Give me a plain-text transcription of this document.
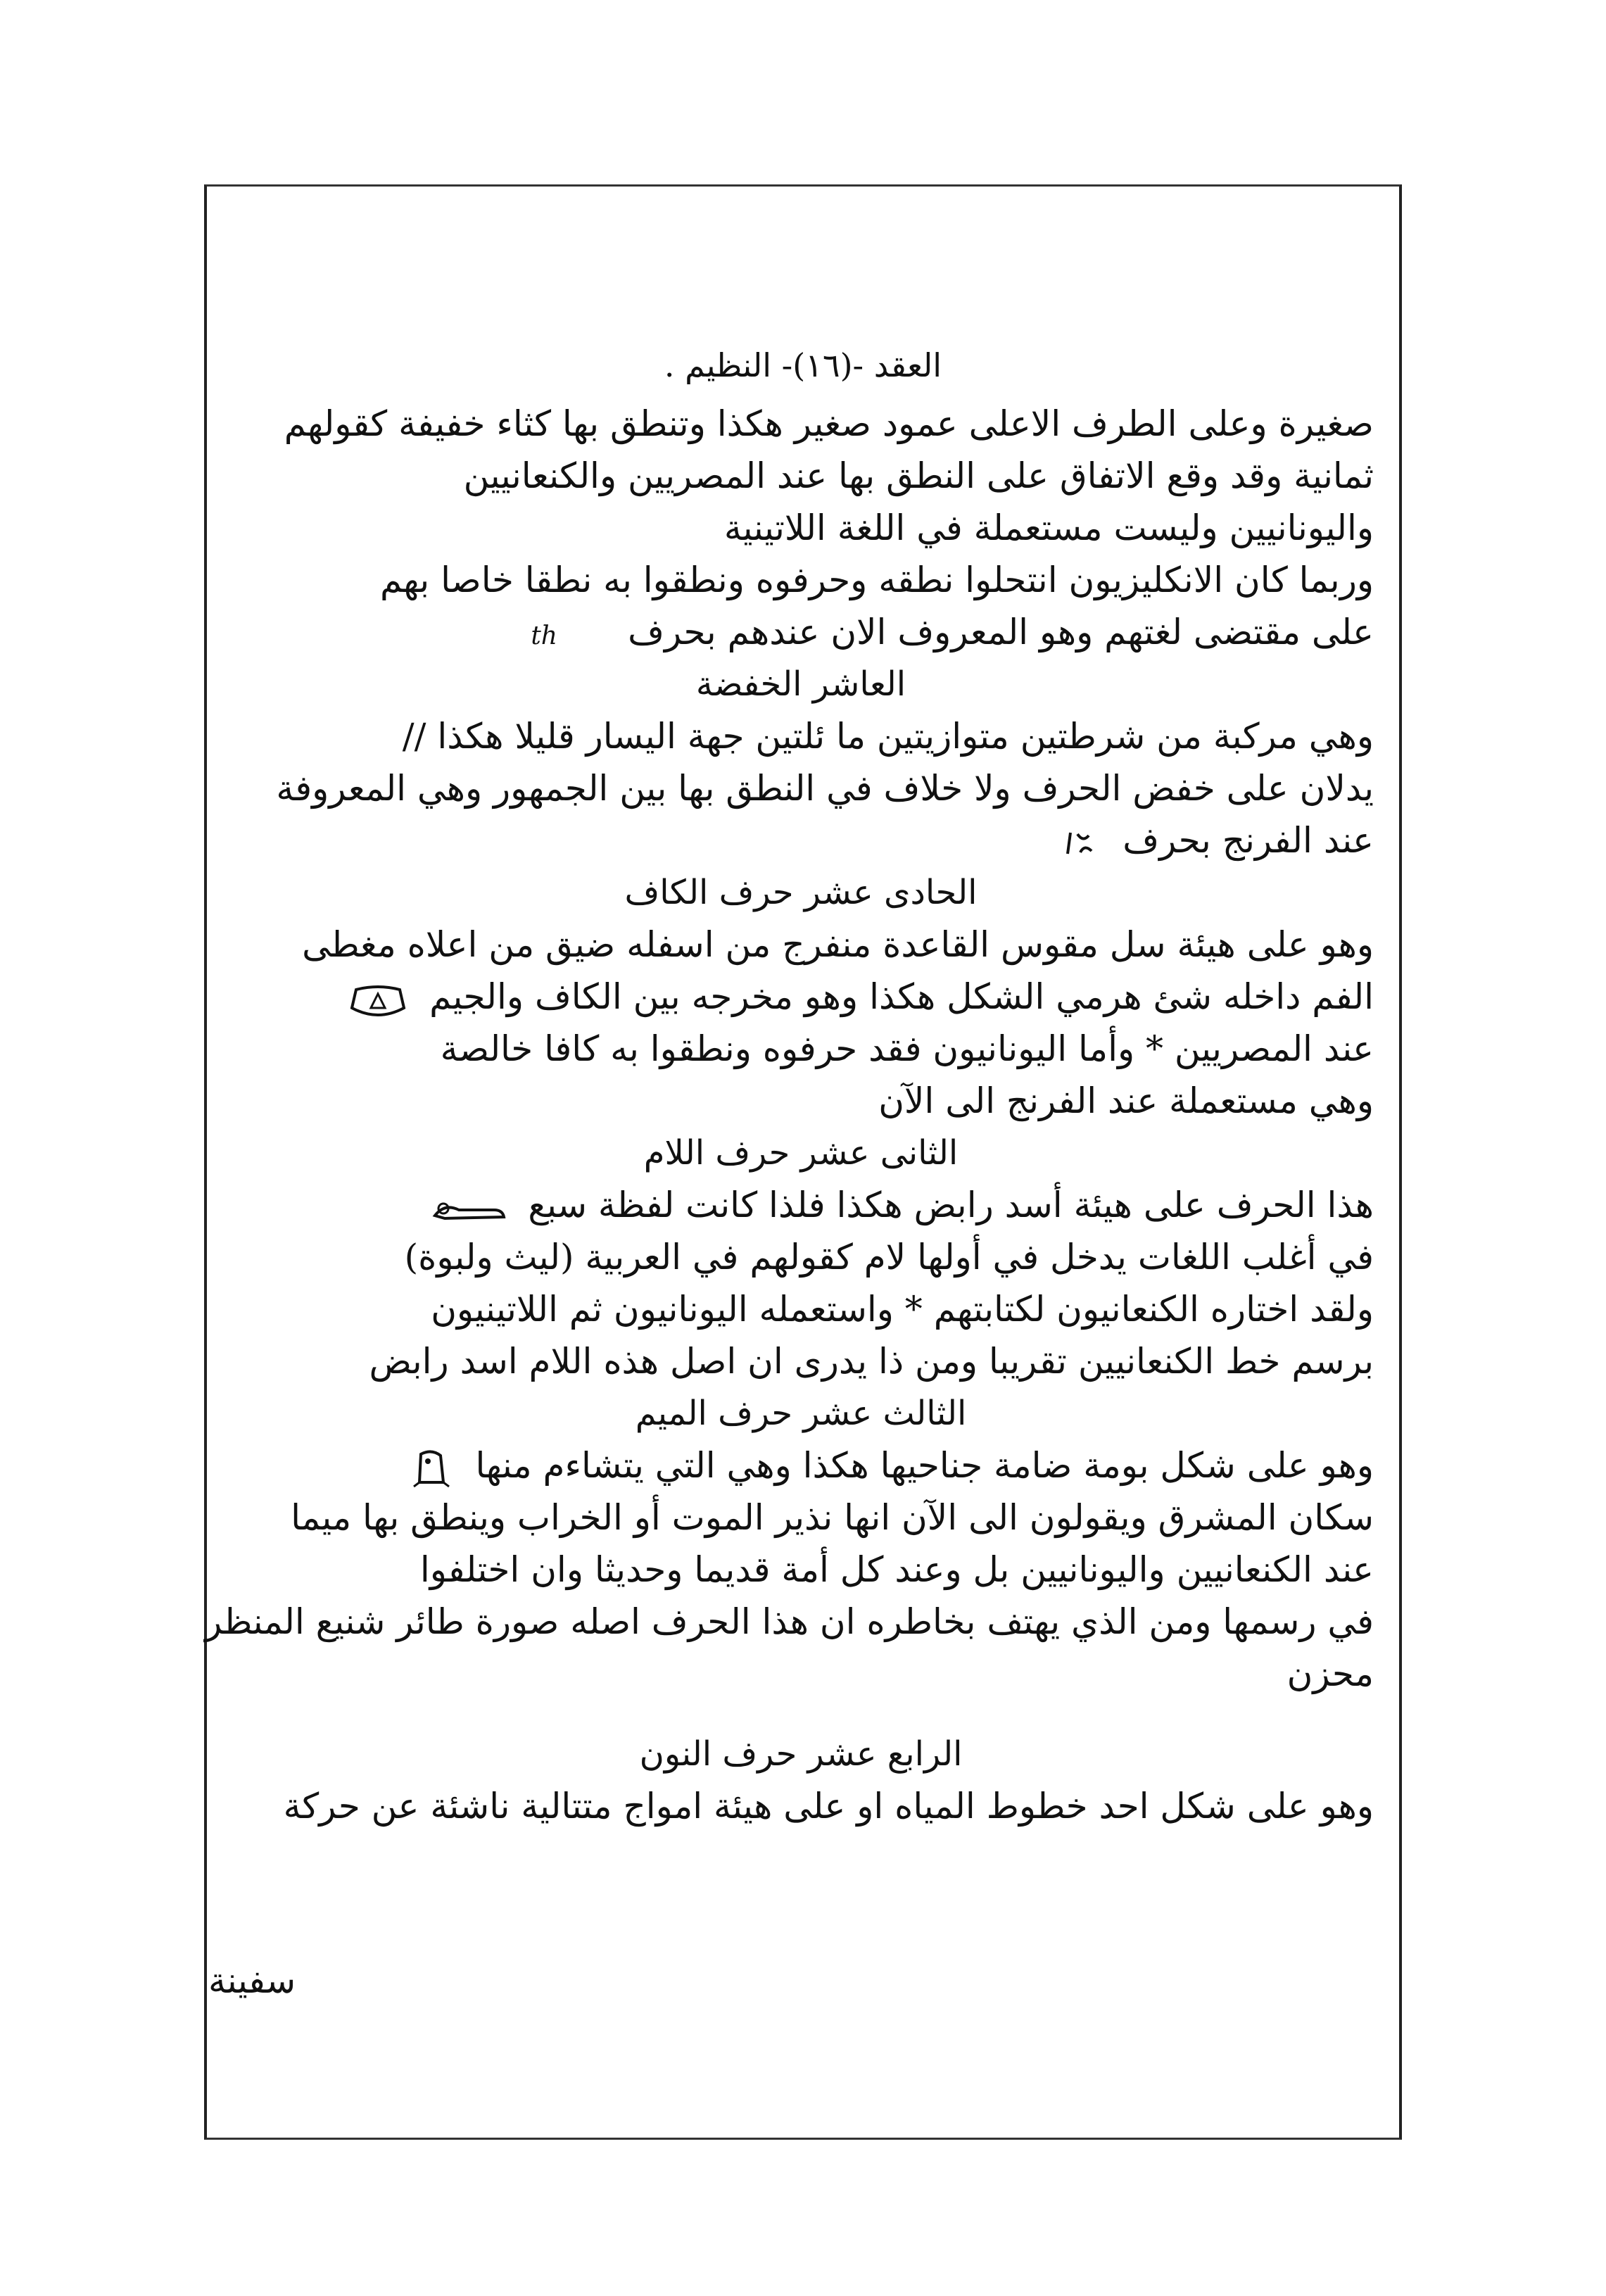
العقد -(١٦)- النظيم .
صغيرة وعلى الطرف الاعلى عمود صغير هكذا وتنطق بها كثاء خفيفة كقولهم
ثمانية وقد وقع الاتفاق على النطق بها عند المصريين والكنعانيين
واليونانيين وليست مستعملة في اللغة اللاتينية
وربما كان الانكليزيون انتحلوا نطقه وحرفوه ونطقوا به نطقا خاصا بهم
على مقتضى لغتهم وهو المعروف الان عندهم بحرف
th
العاشر الخفضة
وهي مركبة من شرطتين متوازيتين ما ئلتين جهة اليسار قليلا هكذا //
يدلان على خفض الحرف ولا خلاف في النطق بها بين الجمهور وهي المعروفة
عند الفرنج بحرف
الحادى عشر حرف الكاف
وهو على هيئة سل مقوس القاعدة منفرج من اسفله ضيق من اعلاه مغطى
الفم داخله شئ هرمي الشكل هكذا وهو مخرجه بين الكاف والجيم
عند المصريين * وأما اليونانيون فقد حرفوه ونطقوا به كافا خالصة
وهي مستعملة عند الفرنج الى الآن
الثانى عشر حرف اللام
هذا الحرف على هيئة أسد رابض هكذا فلذا كانت لفظة سبع
في أغلب اللغات يدخل في أولها لام كقولهم في العربية (ليث ولبوة)
ولقد اختاره الكنعانيون لكتابتهم * واستعمله اليونانيون ثم اللاتينيون
برسم خط الكنعانيين تقريبا ومن ذا يدرى ان اصل هذه اللام اسد رابض
الثالث عشر حرف الميم
وهو على شكل بومة ضامة جناحيها هكذا وهي التي يتشاءم منها
سكان المشرق ويقولون الى الآن انها نذير الموت أو الخراب وينطق بها ميما
عند الكنعانيين واليونانيين بل وعند كل أمة قديما وحديثا وان اختلفوا
في رسمها ومن الذي يهتف بخاطره ان هذا الحرف اصله صورة طائر شنيع المنظر
محزن
الرابع عشر حرف النون
وهو على شكل احد خطوط المياه او على هيئة امواج متتالية ناشئة عن حركة
سفينة
